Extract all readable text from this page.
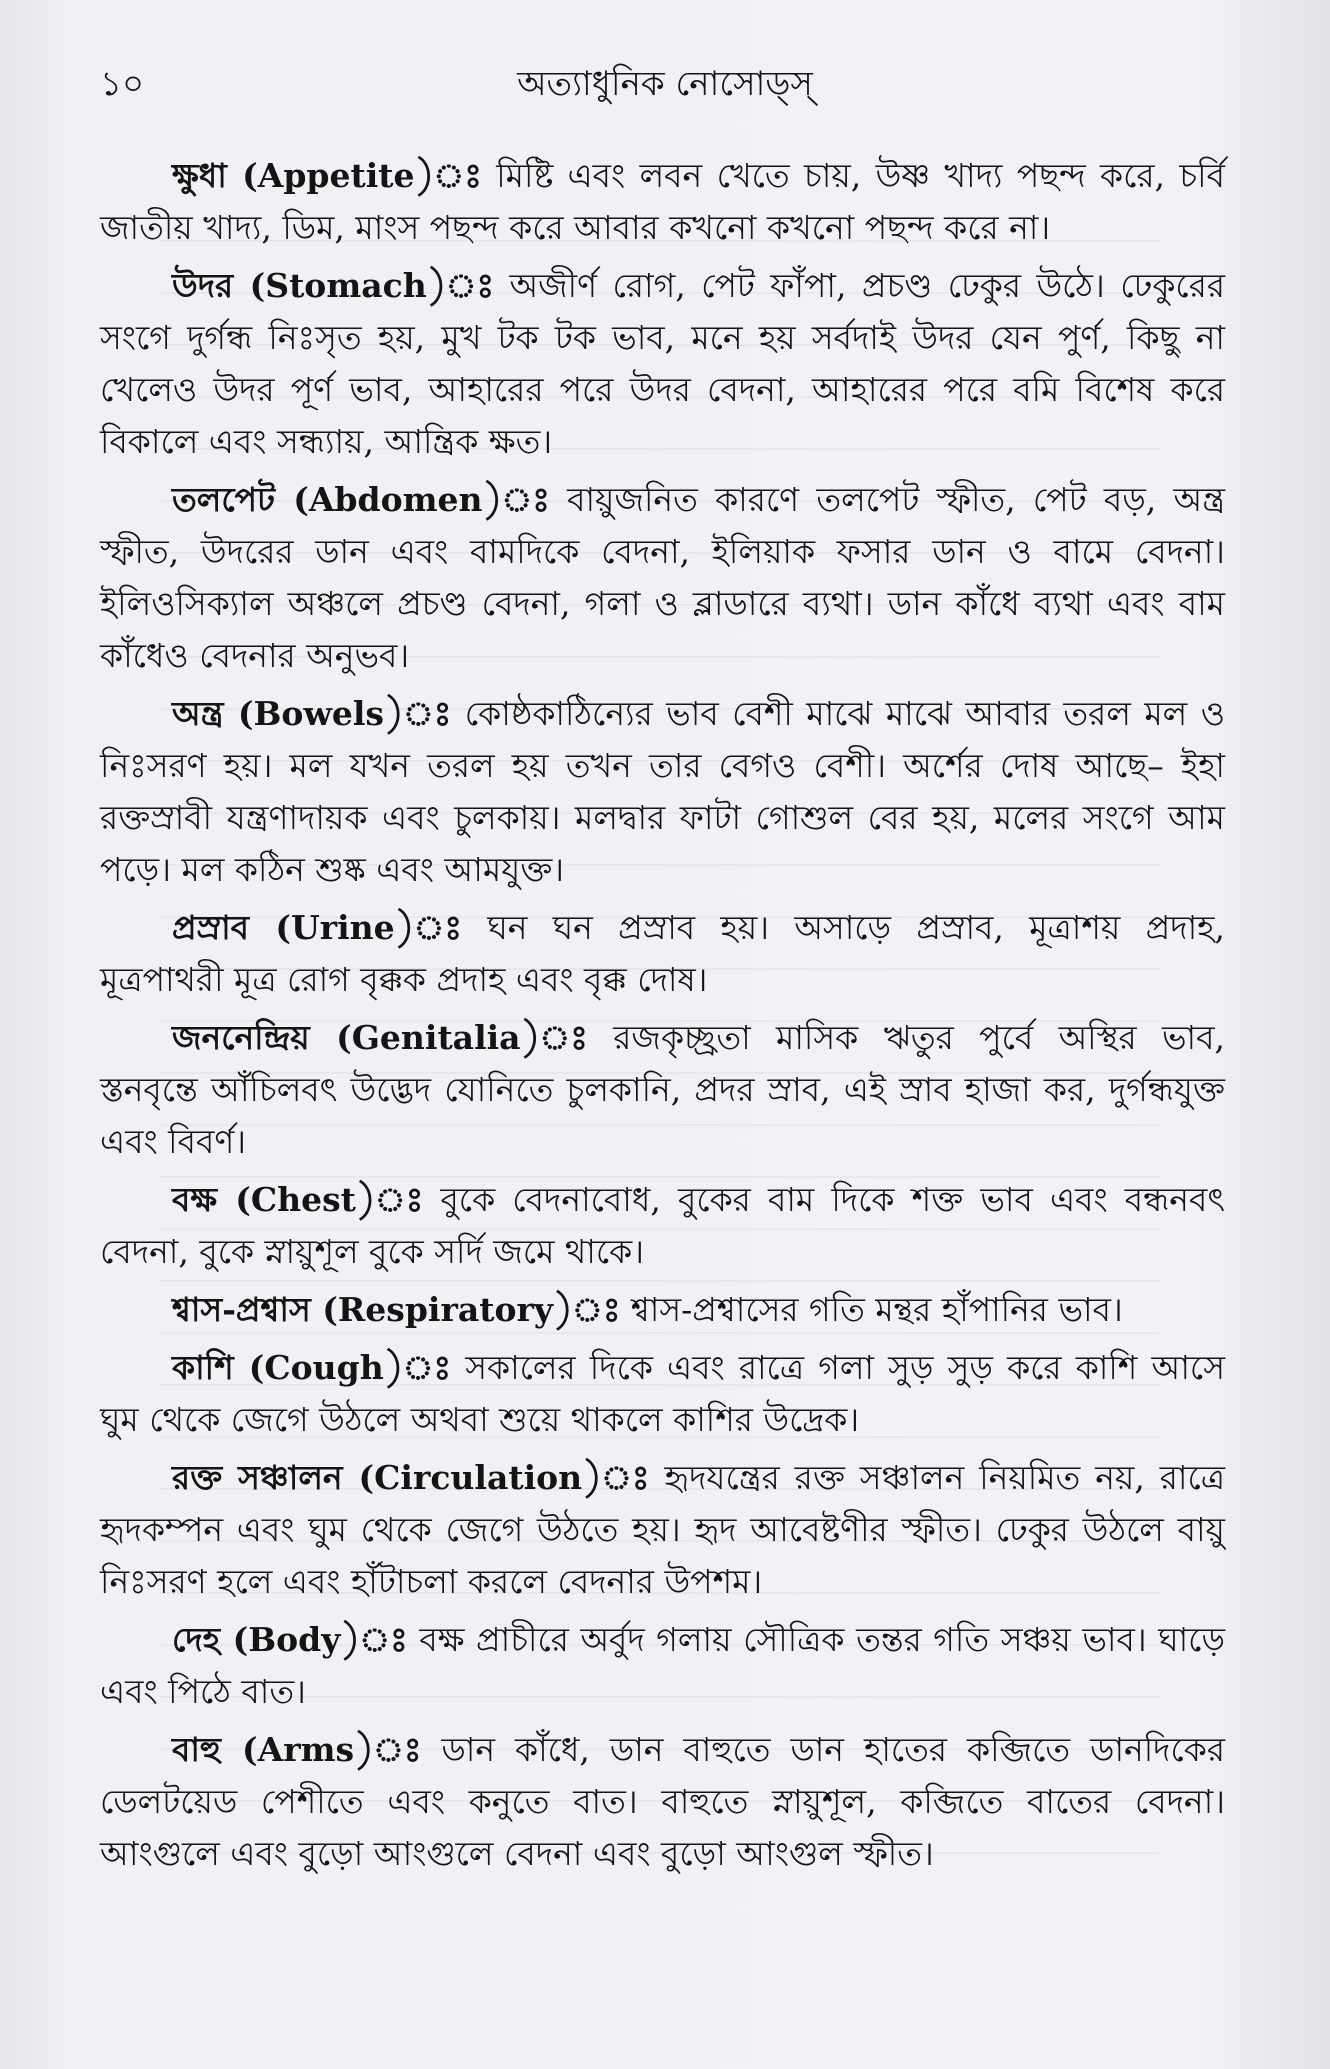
১০	অত্যাধুনিক নোসোড্‌স্‌

ক্ষুধা (Appetite)ঃ মিষ্টি এবং লবন খেতে চায়, উষ্ণ খাদ্য পছন্দ করে, চর্বি জাতীয় খাদ্য, ডিম, মাংস পছন্দ করে আবার কখনো কখনো পছন্দ করে না।

উদর (Stomach)ঃ অজীর্ণ রোগ, পেট ফাঁপা, প্রচণ্ড ঢেকুর উঠে। ঢেকুরের সংগে দুর্গন্ধ নিঃসৃত হয়, মুখ টক টক ভাব, মনে হয় সর্বদাই উদর যেন পুর্ণ, কিছু না খেলেও উদর পূর্ণ ভাব, আহারের পরে উদর বেদনা, আহারের পরে বমি বিশেষ করে বিকালে এবং সন্ধ্যায়, আন্ত্রিক ক্ষত।

তলপেট (Abdomen)ঃ বায়ুজনিত কারণে তলপেট স্ফীত, পেট বড়, অন্ত্র স্ফীত, উদরের ডান এবং বামদিকে বেদনা, ইলিয়াক ফসার ডান ও বামে বেদনা। ইলিওসিক্যাল অঞ্চলে প্রচণ্ড বেদনা, গলা ও ব্লাডারে ব্যথা। ডান কাঁধে ব্যথা এবং বাম কাঁধেও বেদনার অনুভব।

অন্ত্র (Bowels)ঃ কোষ্ঠকাঠিন্যের ভাব বেশী মাঝে মাঝে আবার তরল মল ও নিঃসরণ হয়। মল যখন তরল হয় তখন তার বেগও বেশী। অর্শের দোষ আছে– ইহা রক্তস্রাবী যন্ত্রণাদায়ক এবং চুলকায়। মলদ্বার ফাটা গোশুল বের হয়, মলের সংগে আম পড়ে। মল কঠিন শুষ্ক এবং আমযুক্ত।

প্রস্রাব (Urine)ঃ ঘন ঘন প্রস্রাব হয়। অসাড়ে প্রস্রাব, মূত্রাশয় প্রদাহ, মূত্রপাথরী মূত্র রোগ বৃক্কক প্রদাহ এবং বৃক্ক দোষ।

জননেন্দ্রিয় (Genitalia)ঃ রজকৃচ্ছ্রতা মাসিক ঋতুর পুর্বে অস্থির ভাব, স্তনবৃন্তে আঁচিলবৎ উদ্ভেদ যোনিতে চুলকানি, প্রদর স্রাব, এই স্রাব হাজা কর, দুর্গন্ধযুক্ত এবং বিবর্ণ।

বক্ষ (Chest)ঃ বুকে বেদনাবোধ, বুকের বাম দিকে শক্ত ভাব এবং বন্ধনবৎ বেদনা, বুকে স্নায়ুশূল বুকে সর্দি জমে থাকে।

শ্বাস-প্রশ্বাস (Respiratory)ঃ শ্বাস-প্রশ্বাসের গতি মন্থর হাঁপানির ভাব।

কাশি (Cough)ঃ সকালের দিকে এবং রাত্রে গলা সুড় সুড় করে কাশি আসে ঘুম থেকে জেগে উঠলে অথবা শুয়ে থাকলে কাশির উদ্রেক।

রক্ত সঞ্চালন (Circulation)ঃ হৃদযন্ত্রের রক্ত সঞ্চালন নিয়মিত নয়, রাত্রে হৃদকম্পন এবং ঘুম থেকে জেগে উঠতে হয়। হৃদ আবেষ্টণীর স্ফীত। ঢেকুর উঠলে বায়ু নিঃসরণ হলে এবং হাঁটাচলা করলে বেদনার উপশম।

দেহ (Body)ঃ বক্ষ প্রাচীরে অর্বুদ গলায় সৌত্রিক তন্তর গতি সঞ্চয় ভাব। ঘাড়ে এবং পিঠে বাত।

বাহু (Arms)ঃ ডান কাঁধে, ডান বাহুতে ডান হাতের কব্জিতে ডানদিকের ডেলটয়েড পেশীতে এবং কনুতে বাত। বাহুতে স্নায়ুশূল, কব্জিতে বাতের বেদনা। আংগুলে এবং বুড়ো আংগুলে বেদনা এবং বুড়ো আংগুল স্ফীত।
